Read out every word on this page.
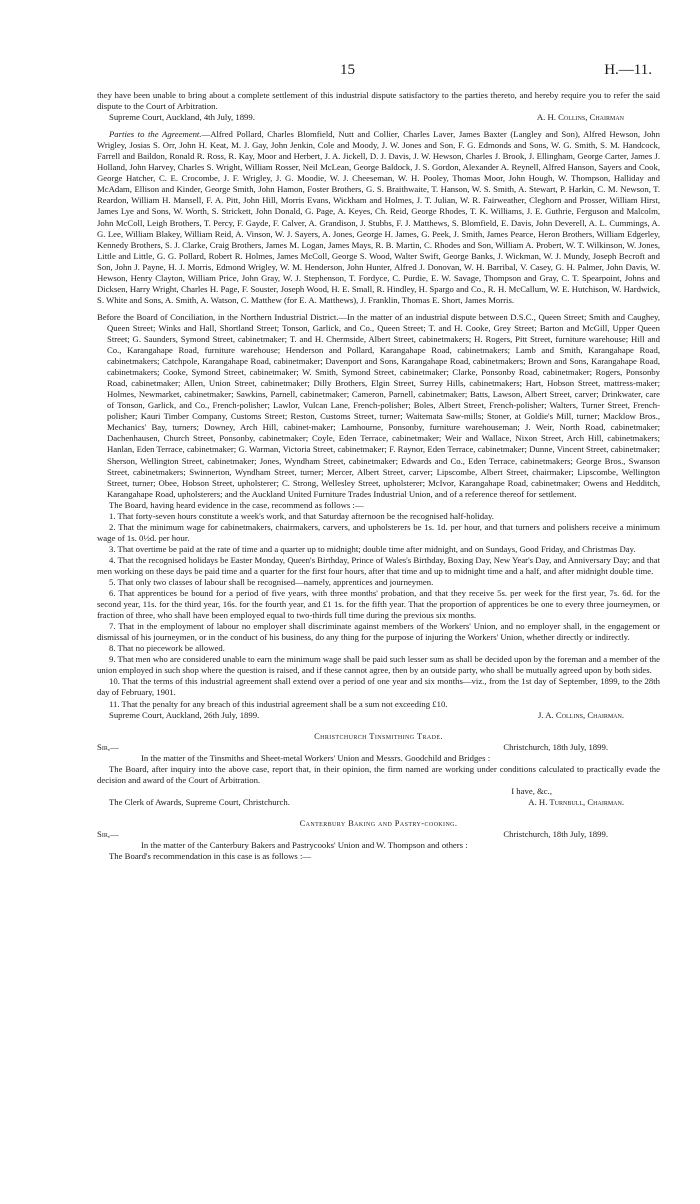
15	H.—11.

they have been unable to bring about a complete settlement of this industrial dispute satisfactory to the parties thereto, and hereby require you to refer the said dispute to the Court of Arbitration.

Supreme Court, Auckland, 4th July, 1899.	A. H. Collins, Chairman

Parties to the Agreement.—Alfred Pollard, Charles Blomfield, Nutt and Collier, Charles Laver, James Baxter (Langley and Son), Alfred Hewson, John Wrigley, Josias S. Orr, John H. Keat, M. J. Gay, John Jenkin, Cole and Moody, J. W. Jones and Son, F. G. Edmonds and Sons, W. G. Smith, S. M. Handcock, Farrell and Baildon, Ronald R. Ross, R. Kay, Moor and Herbert, J. A. Jickell, D. J. Davis, J. W. Hewson, Charles J. Brook, J. Ellingham, George Carter, James J. Holland, John Harvey, Charles S. Wright, William Rosser, Neil McLean, George Baldock, J. S. Gordon, Alexander A. Reynell, Alfred Hanson, Sayers and Cook, George Hatcher, C. E. Crocombe, J. F. Wrigley, J. G. Moodie, W. J. Cheeseman, W. H. Pooley, Thomas Moor, John Hough, W. Thompson, Halliday and McAdam, Ellison and Kinder, George Smith, John Hamon, Foster Brothers, G. S. Braithwaite, T. Hanson, W. S. Smith, A. Stewart, P. Harkin, C. M. Newson, T. Reardon, William H. Mansell, F. A. Pitt, John Hill, Morris Evans, Wickham and Holmes, J. T. Julian, W. R. Fairweather, Cleghorn and Prosser, William Hirst, James Lye and Sons, W. Worth, S. Strickett, John Donald, G. Page, A. Keyes, Ch. Reid, George Rhodes, T. K. Williams, J. E. Guthrie, Ferguson and Malcolm, John McColl, Leigh Brothers, T. Percy, F. Gayde, F. Calver, A. Grandison, J. Stubbs, F. J. Matthews, S. Blomfield, E. Davis, John Deverell, A. L. Cummings, A. G. Lee, William Blakey, William Reid, A. Vinson, W. J. Sayers, A. Jones, George H. James, G. Peek, J. Smith, James Pearce, Heron Brothers, William Edgerley, Kennedy Brothers, S. J. Clarke, Craig Brothers, James M. Logan, James Mays, R. B. Martin, C. Rhodes and Son, William A. Probert, W. T. Wilkinson, W. Jones, Little and Little, G. G. Pollard, Robert R. Holmes, James McColl, George S. Wood, Walter Swift, George Banks, J. Wickman, W. J. Mundy, Joseph Becroft and Son, John J. Payne, H. J. Morris, Edmond Wrigley, W. M. Henderson, John Hunter, Alfred J. Donovan, W. H. Barribal, V. Casey, G. H. Palmer, John Davis, W. Hewson, Henry Clayton, William Price, John Gray, W. J. Stephenson, T. Fordyce, C. Purdie, E. W. Savage, Thompson and Gray, C. T. Spearpoint, Johns and Dicksen, Harry Wright, Charles H. Page, F. Souster, Joseph Wood, H. E. Small, R. Hindley, H. Spargo and Co., R. H. McCallum, W. E. Hutchison, W. Hardwick, S. White and Sons, A. Smith, A. Watson, C. Matthew (for E. A. Matthews), J. Franklin, Thomas E. Short, James Morris.

Before the Board of Conciliation, in the Northern Industrial District.—In the matter of an industrial dispute between D.S.C., Queen Street; Smith and Caughey, Queen Street; Winks and Hall, Shortland Street; Tonson, Garlick, and Co., Queen Street; T. and H. Cooke, Grey Street; Barton and McGill, Upper Queen Street; G. Saunders, Symond Street, cabinetmaker; T. and H. Chermside, Albert Street, cabinetmakers; H. Rogers, Pitt Street, furniture warehouse; Hill and Co., Karangahape Road, furniture warehouse; Henderson and Pollard, Karangahape Road, cabinetmakers; Lamb and Smith, Karangahape Road, cabinetmakers; Catchpole, Karangahape Road, cabinetmaker; Davenport and Sons, Karangahape Road, cabinetmakers; Brown and Sons, Karangahape Road, cabinetmakers; Cooke, Symond Street, cabinetmaker; W. Smith, Symond Street, cabinetmaker; Clarke, Ponsonby Road, cabinetmaker; Rogers, Ponsonby Road, cabinetmaker; Allen, Union Street, cabinetmaker; Dilly Brothers, Elgin Street, Surrey Hills, cabinetmakers; Hart, Hobson Street, mattress-maker; Holmes, Newmarket, cabinetmaker; Sawkins, Parnell, cabinetmaker; Cameron, Parnell, cabinetmaker; Batts, Lawson, Albert Street, carver; Drinkwater, care of Tonson, Garlick, and Co., French-polisher; Lawlor, Vulcan Lane, French-polisher; Boles, Albert Street, French-polisher; Walters, Turner Street, French-polisher; Kauri Timber Company, Customs Street; Reston, Customs Street, turner; Waitemata Saw-mills; Stoner, at Goldie's Mill, turner; Macklow Bros., Mechanics' Bay, turners; Downey, Arch Hill, cabinet-maker; Lamhourne, Ponsonby, furniture warehouseman; J. Weir, North Road, cabinetmaker; Dachenhausen, Church Street, Ponsonby, cabinetmaker; Coyle, Eden Terrace, cabinetmaker; Weir and Wallace, Nixon Street, Arch Hill, cabinetmakers; Hanlan, Eden Terrace, cabinetmaker; G. Warman, Victoria Street, cabinetmaker; F. Raynor, Eden Terrace, cabinetmaker; Dunne, Vincent Street, cabinetmaker; Sherson, Wellington Street, cabinetmaker; Jones, Wyndham Street, cabinetmaker; Edwards and Co., Eden Terrace, cabinetmakers; George Bros., Swanson Street, cabinetmakers; Swinnerton, Wyndham Street, turner; Mercer, Albert Street, carver; Lipscombe, Albert Street, chairmaker; Lipscombe, Wellington Street, turner; Obee, Hobson Street, upholsterer; C. Strong, Wellesley Street, upholsterer; McIvor, Karangahape Road, cabinetmaker; Owens and Hedditch, Karangahape Road, upholsterers; and the Auckland United Furniture Trades Industrial Union, and of a reference thereof for settlement.

The Board, having heard evidence in the case, recommend as follows :—

1. That forty-seven hours constitute a week's work, and that Saturday afternoon be the recognised half-holiday.

2. That the minimum wage for cabinetmakers, chairmakers, carvers, and upholsterers be 1s. 1d. per hour, and that turners and polishers receive a minimum wage of 1s. 0½d. per hour.

3. That overtime be paid at the rate of time and a quarter up to midnight; double time after midnight, and on Sundays, Good Friday, and Christmas Day.

4. That the recognised holidays be Easter Monday, Queen's Birthday, Prince of Wales's Birthday, Boxing Day, New Year's Day, and Anniversary Day; and that men working on these days be paid time and a quarter for the first four hours, after that time and up to midnight time and a half, and after midnight double time.

5. That only two classes of labour shall be recognised—namely, apprentices and journeymen.

6. That apprentices be bound for a period of five years, with three months' probation, and that they receive 5s. per week for the first year, 7s. 6d. for the second year, 11s. for the third year, 16s. for the fourth year, and £1 1s. for the fifth year. That the proportion of apprentices be one to every three journeymen, or fraction of three, who shall have been employed equal to two-thirds full time during the previous six months.

7. That in the employment of labour no employer shall discriminate against members of the Workers' Union, and no employer shall, in the engagement or dismissal of his journeymen, or in the conduct of his business, do any thing for the purpose of injuring the Workers' Union, whether directly or indirectly.

8. That no piecework be allowed.

9. That men who are considered unable to earn the minimum wage shall be paid such lesser sum as shall be decided upon by the foreman and a member of the union employed in such shop where the question is raised, and if these cannot agree, then by an outside party, who shall be mutually agreed upon by both sides.

10. That the terms of this industrial agreement shall extend over a period of one year and six months—viz., from the 1st day of September, 1899, to the 28th day of February, 1901.

11. That the penalty for any breach of this industrial agreement shall be a sum not exceeding £10.

Supreme Court, Auckland, 26th July, 1899.	J. A. Collins, Chairman.
Christchurch Tinsmithing Trade.
Sir,—	Christchurch, 18th July, 1899.

In the matter of the Tinsmiths and Sheet-metal Workers' Union and Messrs. Goodchild and Bridges :

The Board, after inquiry into the above case, report that, in their opinion, the firm named are working under conditions calculated to practically evade the decision and award of the Court of Arbitration.

I have, &c.,

The Clerk of Awards, Supreme Court, Christchurch.	A. H. Turnbull, Chairman.
Canterbury Baking and Pastry-cooking.
Sir,—	Christchurch, 18th July, 1899.

In the matter of the Canterbury Bakers and Pastrycooks' Union and W. Thompson and others :

The Board's recommendation in this case is as follows :—
